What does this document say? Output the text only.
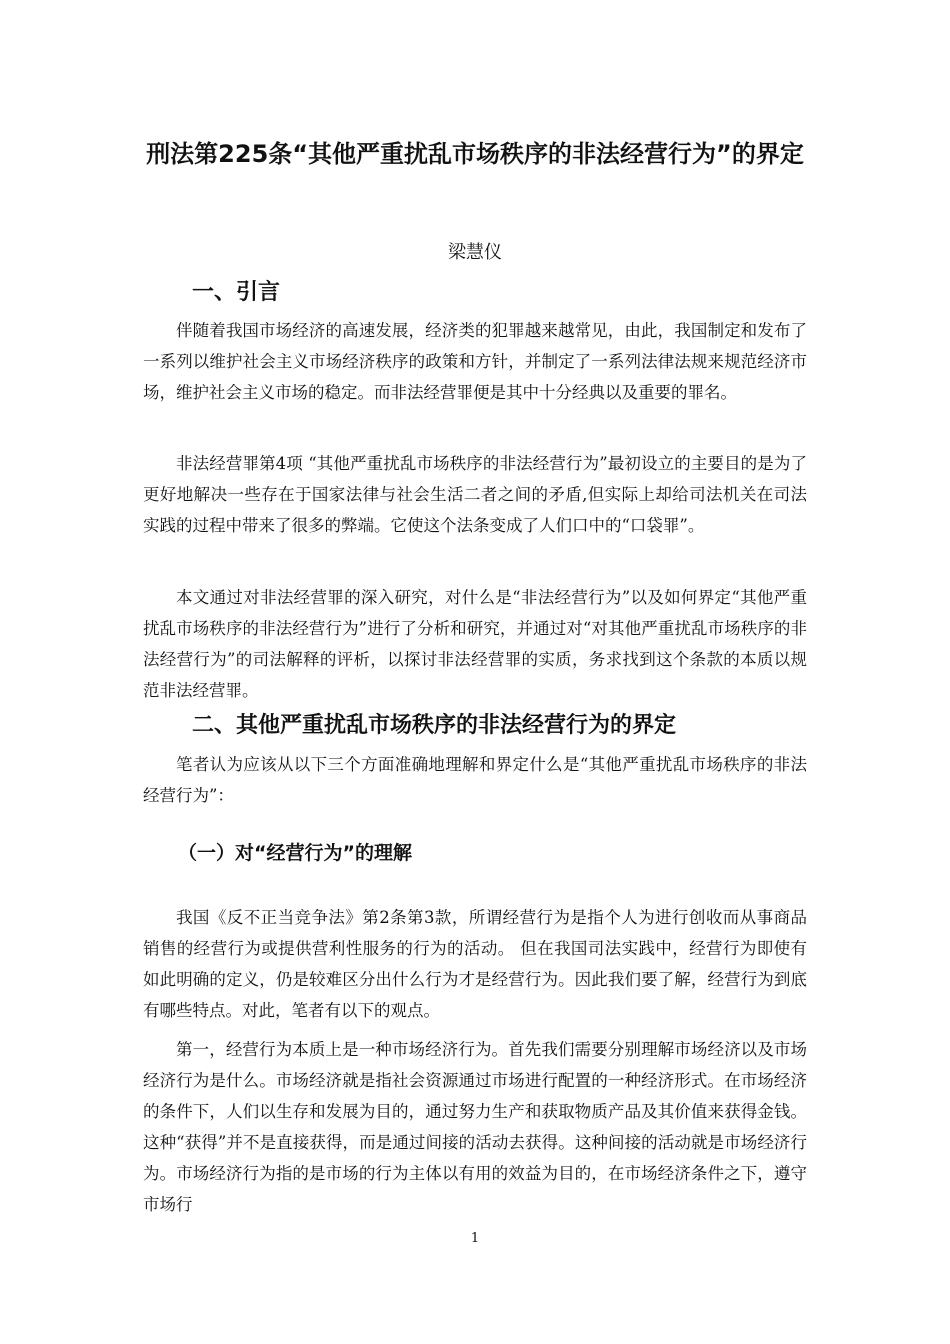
刑法第225条“其他严重扰乱市场秩序的非法经营行为”的界定
梁慧仪
一、引言

伴随着我国市场经济的高速发展，经济类的犯罪越来越常见，由此，我国制定和发布了一系列以维护社会主义市场经济秩序的政策和方针，并制定了一系列法律法规来规范经济市场，维护社会主义市场的稳定。而非法经营罪便是其中十分经典以及重要的罪名。

非法经营罪第4项 “其他严重扰乱市场秩序的非法经营行为”最初设立的主要目的是为了更好地解决一些存在于国家法律与社会生活二者之间的矛盾,但实际上却给司法机关在司法实践的过程中带来了很多的弊端。它使这个法条变成了人们口中的“口袋罪”。

本文通过对非法经营罪的深入研究，对什么是“非法经营行为”以及如何界定“其他严重扰乱市场秩序的非法经营行为”进行了分析和研究，并通过对“对其他严重扰乱市场秩序的非法经营行为”的司法解释的评析，以探讨非法经营罪的实质，务求找到这个条款的本质以规范非法经营罪。

二、其他严重扰乱市场秩序的非法经营行为的界定

笔者认为应该从以下三个方面准确地理解和界定什么是“其他严重扰乱市场秩序的非法经营行为”：

（一）对“经营行为”的理解

我国《反不正当竞争法》第2条第3款，所谓经营行为是指个人为进行创收而从事商品销售的经营行为或提供营利性服务的行为的活动。 但在我国司法实践中，经营行为即使有如此明确的定义，仍是较难区分出什么行为才是经营行为。因此我们要了解，经营行为到底有哪些特点。对此，笔者有以下的观点。

第一，经营行为本质上是一种市场经济行为。首先我们需要分别理解市场经济以及市场经济行为是什么。市场经济就是指社会资源通过市场进行配置的一种经济形式。在市场经济的条件下，人们以生存和发展为目的，通过努力生产和获取物质产品及其价值来获得金钱。这种“获得”并不是直接获得，而是通过间接的活动去获得。这种间接的活动就是市场经济行为。市场经济行为指的是市场的行为主体以有用的效益为目的，在市场经济条件之下，遵守市场行

1
